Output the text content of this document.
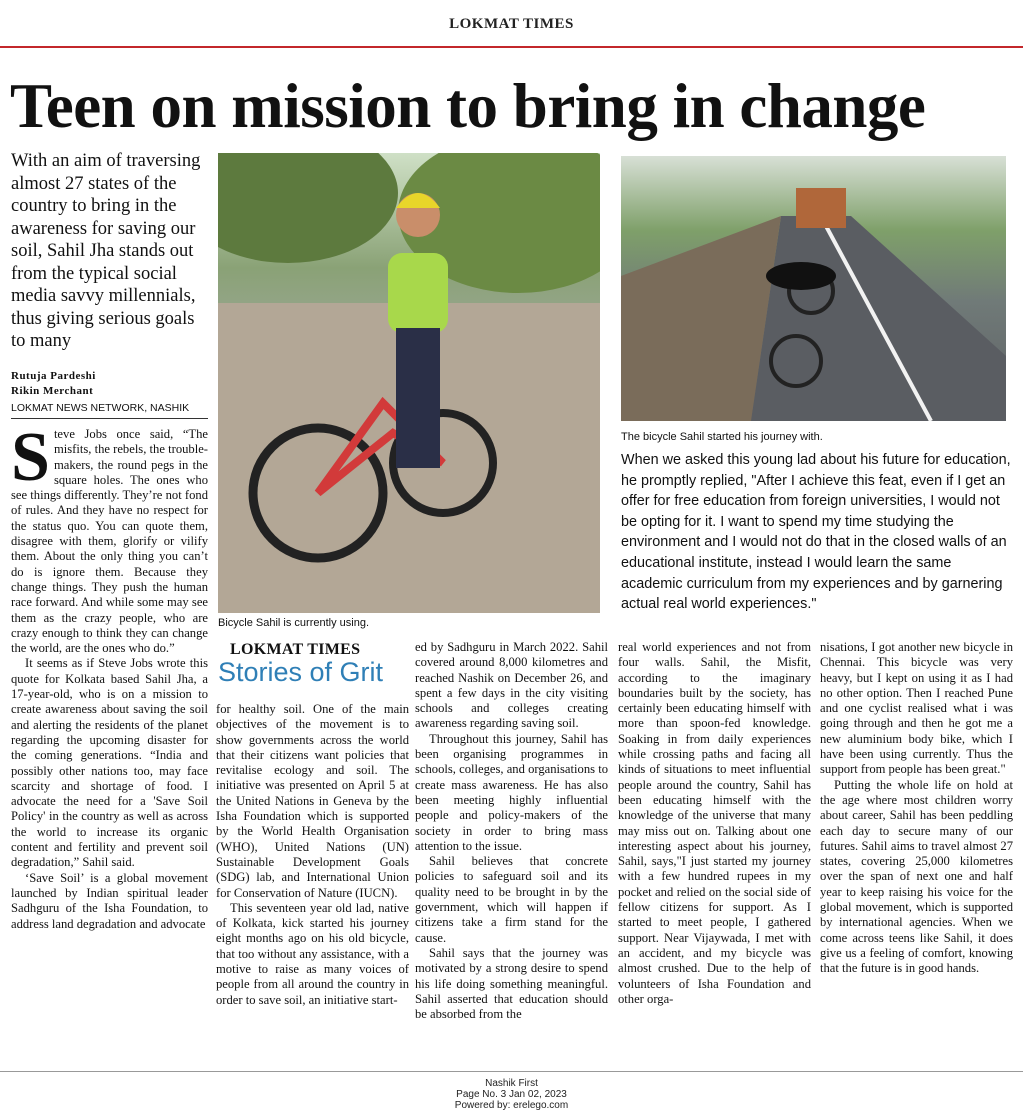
LOKMAT TIMES
Teen on mission to bring in change
With an aim of traversing almost 27 states of the country to bring in the awareness for saving our soil, Sahil Jha stands out from the typical social media savvy millennials, thus giving serious goals to many
Rutuja Pardeshi
Rikin Merchant
LOKMAT NEWS NETWORK, NASHIK
Bicycle Sahil is currently using.
The bicycle Sahil started his journey with.
When we asked this young lad about his future for education, he promptly replied, "After I achieve this feat, even if I get an offer for free education from foreign universities, I would not be opting for it. I want to spend my time studying the environment and I would not do that in the closed walls of an educational institute, instead I would learn the same academic curriculum from my experiences and by garnering actual real world experiences."
LOKMAT TIMES
Stories of Grit

Steve Jobs once said, “The misfits, the rebels, the trouble-makers, the round pegs in the square holes. The ones who see things differently. They’re not fond of rules. And they have no respect for the status quo. You can quote them, disagree with them, glorify or vilify them. About the only thing you can’t do is ignore them. Because they change things. They push the human race forward. And while some may see them as the crazy people, who are crazy enough to think they can change the world, are the ones who do.”

It seems as if Steve Jobs wrote this quote for Kolkata based Sahil Jha, a 17-year-old, who is on a mission to create awareness about saving the soil and alerting the residents of the planet regarding the upcoming disaster for the coming generations. “India and possibly other nations too, may face scarcity and shortage of food. I advocate the need for a 'Save Soil Policy' in the country as well as across the world to increase its organic content and fertility and prevent soil degradation,” Sahil said.

‘Save Soil’ is a global movement launched by Indian spiritual leader Sadhguru of the Isha Foundation, to address land degradation and advocate

for healthy soil. One of the main objectives of the movement is to show governments across the world that their citizens want policies that revitalise ecology and soil. The initiative was presented on April 5 at the United Nations in Geneva by the Isha Foundation which is supported by the World Health Organisation (WHO), United Nations (UN) Sustainable Development Goals (SDG) lab, and International Union for Conservation of Nature (IUCN).

This seventeen year old lad, native of Kolkata, kick started his journey eight months ago on his old bicycle, that too without any assistance, with a motive to raise as many voices of people from all around the country in order to save soil, an initiative start-

ed by Sadhguru in March 2022. Sahil covered around 8,000 kilometres and reached Nashik on December 26, and spent a few days in the city visiting schools and colleges creating awareness regarding saving soil.

Throughout this journey, Sahil has been organising programmes in schools, colleges, and organisations to create mass awareness. He has also been meeting highly influential people and policy-makers of the society in order to bring mass attention to the issue.

Sahil believes that concrete policies to safeguard soil and its quality need to be brought in by the government, which will happen if citizens take a firm stand for the cause.

Sahil says that the journey was motivated by a strong desire to spend his life doing something meaningful. Sahil asserted that education should be absorbed from the

real world experiences and not from four walls. Sahil, the Misfit, according to the imaginary boundaries built by the society, has certainly been educating himself with more than spoon-fed knowledge. Soaking in from daily experiences while crossing paths and facing all kinds of situations to meet influential people around the country, Sahil has been educating himself with the knowledge of the universe that many may miss out on. Talking about one interesting aspect about his journey, Sahil, says,"I just started my journey with a few hundred rupees in my pocket and relied on the social side of fellow citizens for support. As I started to meet people, I gathered support. Near Vijaywada, I met with an accident, and my bicycle was almost crushed. Due to the help of volunteers of Isha Foundation and other orga-

nisations, I got another new bicycle in Chennai. This bicycle was very heavy, but I kept on using it as I had no other option. Then I reached Pune and one cyclist realised what i was going through and then he got me a new aluminium body bike, which I have been using currently. Thus the support from people has been great."

Putting the whole life on hold at the age where most children worry about career, Sahil has been peddling each day to secure many of our futures. Sahil aims to travel almost 27 states, covering 25,000 kilometres over the span of next one and half year to keep raising his voice for the global movement, which is supported by international agencies. When we come across teens like Sahil, it does give us a feeling of comfort, knowing that the future is in good hands.

Nashik First
Page No. 3 Jan 02, 2023
Powered by: erelego.com
